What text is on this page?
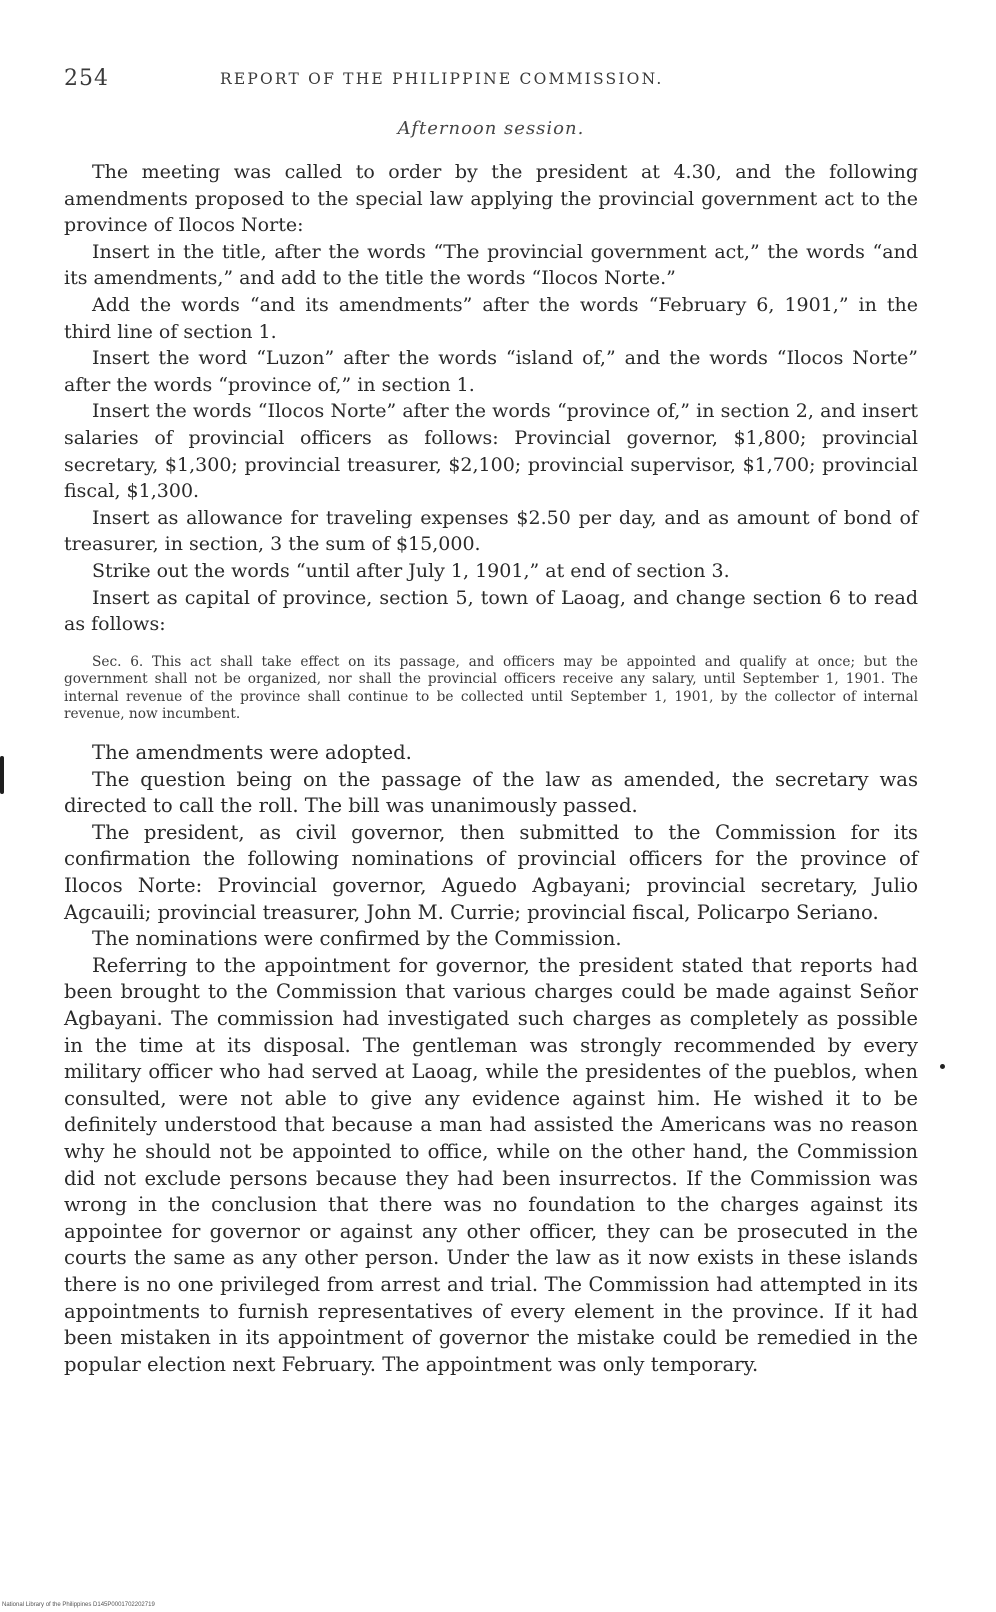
254	REPORT OF THE PHILIPPINE COMMISSION.
Afternoon session.

The meeting was called to order by the president at 4.30, and the following amendments proposed to the special law applying the provincial government act to the province of Ilocos Norte:

Insert in the title, after the words “The provincial government act,” the words “and its amendments,” and add to the title the words “Ilocos Norte.”

Add the words “and its amendments” after the words “February 6, 1901,” in the third line of section 1.

Insert the word “Luzon” after the words “island of,” and the words “Ilocos Norte” after the words “province of,” in section 1.

Insert the words “Ilocos Norte” after the words “province of,” in section 2, and insert salaries of provincial officers as follows: Provincial governor, $1,800; provincial secretary, $1,300; provincial treasurer, $2,100; provincial supervisor, $1,700; provincial fiscal, $1,300.

Insert as allowance for traveling expenses $2.50 per day, and as amount of bond of treasurer, in section, 3 the sum of $15,000.

Strike out the words “until after July 1, 1901,” at end of section 3.

Insert as capital of province, section 5, town of Laoag, and change section 6 to read as follows:

Sec. 6. This act shall take effect on its passage, and officers may be appointed and qualify at once; but the government shall not be organized, nor shall the provincial officers receive any salary, until September 1, 1901. The internal revenue of the province shall continue to be collected until September 1, 1901, by the collector of internal revenue, now incumbent.

The amendments were adopted.

The question being on the passage of the law as amended, the secretary was directed to call the roll. The bill was unanimously passed.

The president, as civil governor, then submitted to the Commission for its confirmation the following nominations of provincial officers for the province of Ilocos Norte: Provincial governor, Aguedo Agbayani; provincial secretary, Julio Agcauili; provincial treasurer, John M. Currie; provincial fiscal, Policarpo Seriano.

The nominations were confirmed by the Commission.

Referring to the appointment for governor, the president stated that reports had been brought to the Commission that various charges could be made against Señor Agbayani. The commission had investigated such charges as completely as possible in the time at its disposal. The gentleman was strongly recommended by every military officer who had served at Laoag, while the presidentes of the pueblos, when consulted, were not able to give any evidence against him. He wished it to be definitely understood that because a man had assisted the Americans was no reason why he should not be appointed to office, while on the other hand, the Commission did not exclude persons because they had been insurrectos. If the Commission was wrong in the conclusion that there was no foundation to the charges against its appointee for governor or against any other officer, they can be prosecuted in the courts the same as any other person. Under the law as it now exists in these islands there is no one privileged from arrest and trial. The Commission had attempted in its appointments to furnish representatives of every element in the province. If it had been mistaken in its appointment of governor the mistake could be remedied in the popular election next February. The appointment was only temporary.

National Library of the Philippines D145P0001702202719
